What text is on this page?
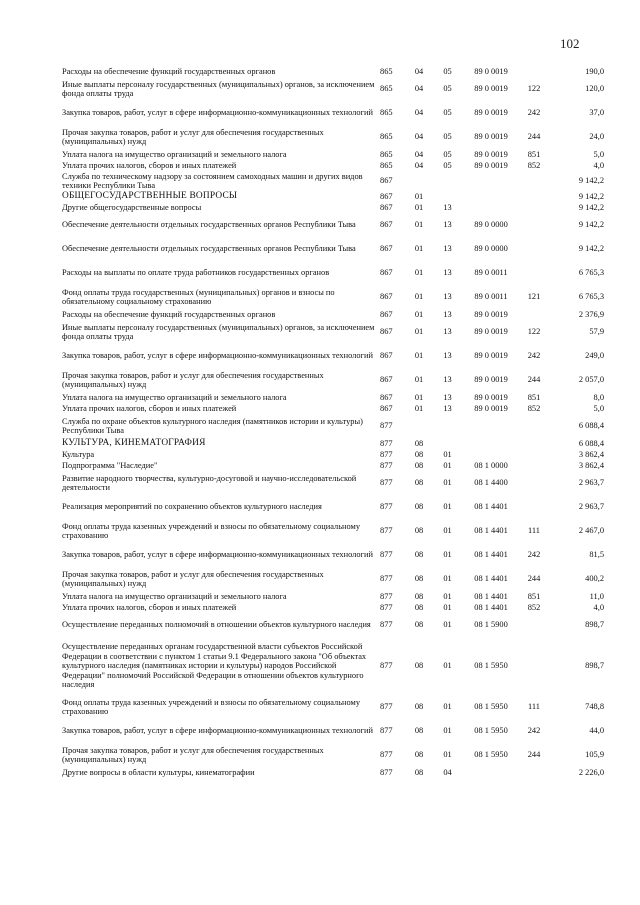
102
Расходы на обеспечение функций государственных органов	865	04	05	89 0 0019		190,0
Иные выплаты персоналу государственных (муниципальных) органов, за исключением фонда оплаты труда	865	04	05	89 0 0019	122	120,0
Закупка товаров, работ, услуг в сфере информационно-коммуникационных технологий	865	04	05	89 0 0019	242	37,0
Прочая закупка товаров, работ и услуг для обеспечения государственных (муниципальных) нужд	865	04	05	89 0 0019	244	24,0
Уплата налога на имущество организаций и земельного налога	865	04	05	89 0 0019	851	5,0
Уплата прочих налогов, сборов и иных платежей	865	04	05	89 0 0019	852	4,0
Служба по техническому надзору за состоянием самоходных машин и других видов техники Республики Тыва	867					9 142,2
ОБЩЕГОСУДАРСТВЕННЫЕ ВОПРОСЫ	867	01				9 142,2
Другие общегосударственные вопросы	867	01	13			9 142,2
Обеспечение деятельности отдельных государственных органов Республики Тыва	867	01	13	89 0 0000		9 142,2
Обеспечение деятельности отдельных государственных органов Республики Тыва	867	01	13	89 0 0000		9 142,2
Расходы на выплаты по оплате труда работников государственных органов	867	01	13	89 0 0011		6 765,3
Фонд оплаты труда государственных (муниципальных) органов и взносы по обязательному социальному страхованию	867	01	13	89 0 0011	121	6 765,3
Расходы на обеспечение функций государственных органов	867	01	13	89 0 0019		2 376,9
Иные выплаты персоналу государственных (муниципальных) органов, за исключением фонда оплаты труда	867	01	13	89 0 0019	122	57,9
Закупка товаров, работ, услуг в сфере информационно-коммуникационных технологий	867	01	13	89 0 0019	242	249,0
Прочая закупка товаров, работ и услуг для обеспечения государственных (муниципальных) нужд	867	01	13	89 0 0019	244	2 057,0
Уплата налога на имущество организаций и земельного налога	867	01	13	89 0 0019	851	8,0
Уплата прочих налогов, сборов и иных платежей	867	01	13	89 0 0019	852	5,0
Служба по охране объектов культурного наследия (памятников истории и культуры) Республики Тыва	877					6 088,4
КУЛЬТУРА, КИНЕМАТОГРАФИЯ	877	08				6 088,4
Культура	877	08	01			3 862,4
Подпрограмма "Наследие"	877	08	01	08 1 0000		3 862,4
Развитие народного творчества, культурно-досуговой и научно-исследовательской деятельности	877	08	01	08 1 4400		2 963,7
Реализация мероприятий по сохранению объектов культурного наследия	877	08	01	08 1 4401		2 963,7
Фонд оплаты труда казенных учреждений и взносы по обязательному социальному страхованию	877	08	01	08 1 4401	111	2 467,0
Закупка товаров, работ, услуг в сфере информационно-коммуникационных технологий	877	08	01	08 1 4401	242	81,5
Прочая закупка товаров, работ и услуг для обеспечения государственных (муниципальных) нужд	877	08	01	08 1 4401	244	400,2
Уплата налога на имущество организаций и земельного налога	877	08	01	08 1 4401	851	11,0
Уплата прочих налогов, сборов и иных платежей	877	08	01	08 1 4401	852	4,0
Осуществление переданных полномочий в отношении объектов культурного наследия	877	08	01	08 1 5900		898,7
Осуществление переданных органам государственной власти субъектов Российской Федерации в соответствии с пунктом 1 статьи 9.1 Федерального закона "Об объектах культурного наследия (памятниках истории и культуры) народов Российской Федерации" полномочий Российской Федерации в отношении объектов культурного наследия	877	08	01	08 1 5950		898,7
Фонд оплаты труда казенных учреждений и взносы по обязательному социальному страхованию	877	08	01	08 1 5950	111	748,8
Закупка товаров, работ, услуг в сфере информационно-коммуникационных технологий	877	08	01	08 1 5950	242	44,0
Прочая закупка товаров, работ и услуг для обеспечения государственных (муниципальных) нужд	877	08	01	08 1 5950	244	105,9
Другие вопросы в области культуры, кинематографии	877	08	04			2 226,0
